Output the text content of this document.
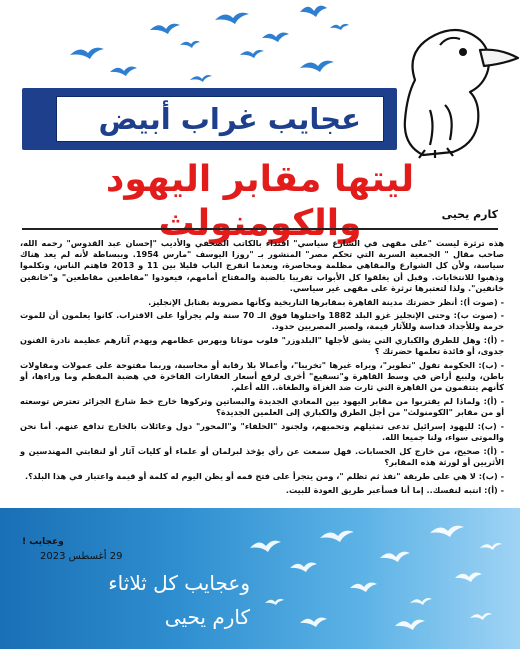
عجايب غراب أبيض
ليتها مقابر اليهود والكومنولث	كارم يحيى

هذه ترثرة ليست "على مقهى في الشارع سياسي" اقتداء بالكاتب الصحفي والأديب "إحسان عبد القدوس" رحمه الله، صاحب مقال " الجمعية السرية التي تحكم مصر" المنشور بـ "روزا اليوسف "مارس 1954. وببساطة لأنه لم يعد هناك سياسة، ولأن كل الشوارع والمقاهي مظلمة ومحاصرة، وبعدما انفرج الباب قليلا بين 11 و 2013 فاهتم الناس، وتكلموا وذهبوا للانتخابات. وقبل أن يغلقوا كل الأبواب تقريبا بالضبة والمفتاح أمامهم، فيعودوا "مقاطعين مقاطعين" و"خانفين خانفين". ولذا لتعتبرها ترثرة على مقهى غير سياسي.

- (صوت أ): أنظر حضرتك مدينة القاهرة بمقابرها التاريخية وكأنها مضروبة بقنابل الإنجليز.

- (صوت ب): وحتى الإنجليز غزو البلد 1882 واحتلوها فوق الـ 70 سنة ولم يجرأوا على الاقتراب. كانوا يعلمون أن للموت حرمة وللأجداد قداسة وللآثار قيمة، ولصبر المصريين حدود.

- (أ): وهل للطرق والكباري التي يشق لأجلها "البلدوزر" قلوب موتانا ويهرس عظامهم ويهدم آثارهم عظيمة نادرة الفنون جدوى، أو فائدة تعلمها حضرتك ؟

- (ب): الحكومة تقول "تطوير"، ويراه غيرها "تخريبا"، وأعمالا بلا رقابة أو محاسبة، وربما مفتوحة على عمولات ومقاولات باطن، ولبيع أراض في وسط القاهرة و"تسقيع" أخرى لرفع أسعار العقارات الفاخرة في هضبة المقطم وما وراءها، أو كأنهم يتتقمون من القاهرة التي ثارت ضد الغزاة والطغاة.. الله أعلم.

- (أ): ولماذا لم يقتربوا من مقابر اليهود بين المعادي الجديدة والبساتين وتركوها خارج خط شارع الجزائر تعترض توسعته أو من مقابر "الكومنولث" من أجل الطرق والكباري إلى العلمين الجديدة؟

- (ب): لليهود إسرائيل تدعى تمثيلهم وتحميهم، ولجنود "الحلفاء" و"المحور" دول وعائلات بالخارج تدافع عنهم. أما نحن والموتى سواء، ولنا جميعا الله.

- (أ): صحيح، من خارج كل الحسابات. فهل سمعت عن رأي يؤخذ لبرلمان أو علماء أو كليات آثار أو لنقابتي المهندسين و الأثريين أو لورثة هذه المقابر؟

- (ب): لا هي على طريقة "نفذ ثم تظلم "، ومن يتجرأ على فتح فمه أو يظن اليوم له كلمة أو قيمة واعتبار في هذا البلد؟.

- (أ): انتبه لنفسك.. إما أنا فسأعبر طريق العودة للبيت.

وعجايب !
29 أغسطس 2023
وعجايب كل ثلاثاء
كارم يحيى
